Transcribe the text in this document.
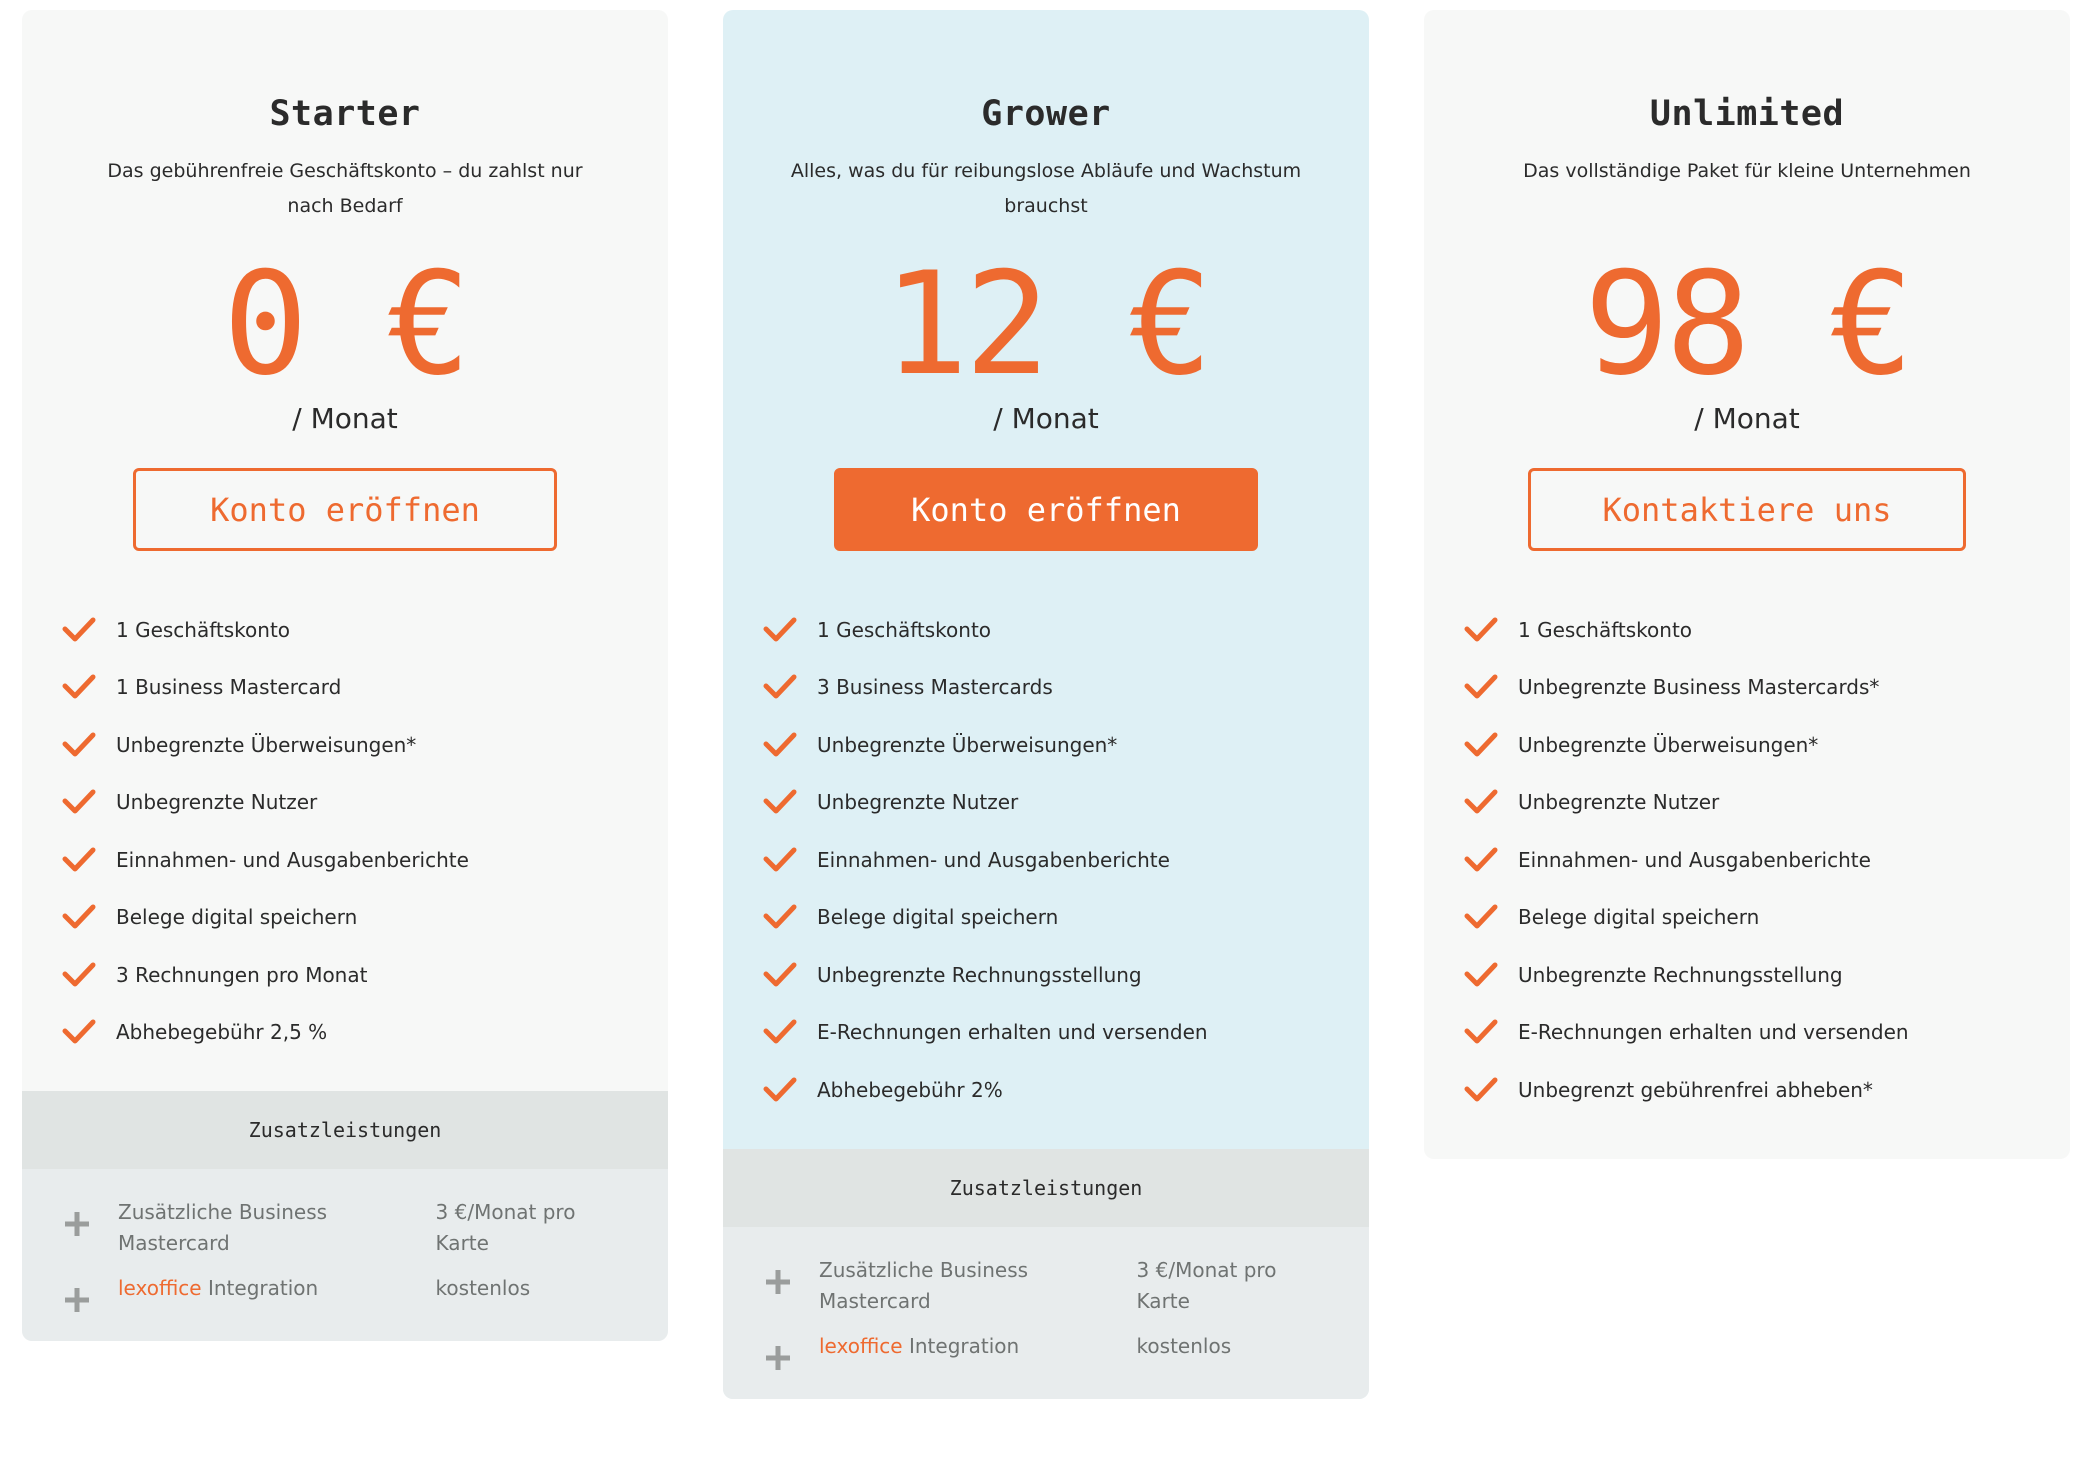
Starter
Das gebührenfreie Geschäftskonto – du zahlst nur nach Bedarf
0 €
/ Monat
Konto eröffnen
1 Geschäftskonto
1 Business Mastercard
Unbegrenzte Überweisungen*
Unbegrenzte Nutzer
Einnahmen- und Ausgabenberichte
Belege digital speichern
3 Rechnungen pro Monat
Abhebegebühr 2,5 %
Zusatzleistungen
Zusätzliche Business Mastercard
3 €/Monat pro Karte
lexoffice Integration	kostenlos
Grower
Alles, was du für reibungslose Abläufe und Wachstum brauchst
12 €
/ Monat
Konto eröffnen
1 Geschäftskonto
3 Business Mastercards
Unbegrenzte Überweisungen*
Unbegrenzte Nutzer
Einnahmen- und Ausgabenberichte
Belege digital speichern
Unbegrenzte Rechnungsstellung
E-Rechnungen erhalten und versenden
Abhebegebühr 2%
Zusatzleistungen
Zusätzliche Business Mastercard
3 €/Monat pro Karte
lexoffice Integration	kostenlos
Unlimited
Das vollständige Paket für kleine Unternehmen
98 €
/ Monat
Kontaktiere uns
1 Geschäftskonto
Unbegrenzte Business Mastercards*
Unbegrenzte Überweisungen*
Unbegrenzte Nutzer
Einnahmen- und Ausgabenberichte
Belege digital speichern
Unbegrenzte Rechnungsstellung
E-Rechnungen erhalten und versenden
Unbegrenzt gebührenfrei abheben*
